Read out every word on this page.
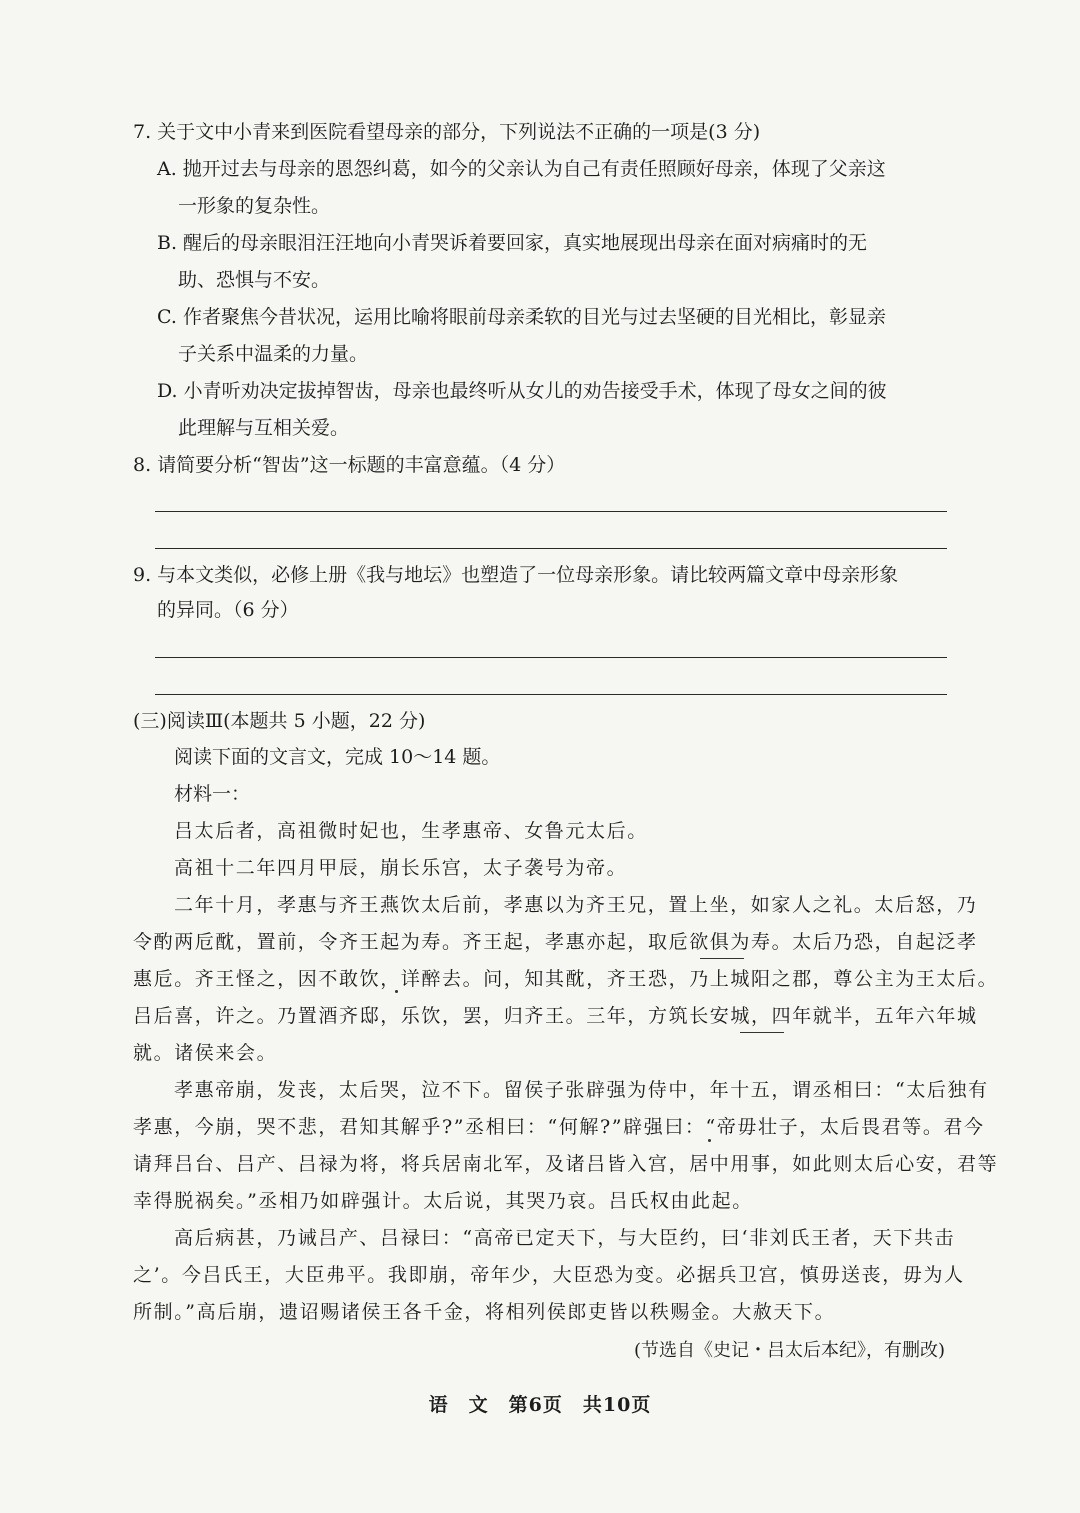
7. 关于文中小青来到医院看望母亲的部分，下列说法不正确的一项是(3 分)
A. 抛开过去与母亲的恩怨纠葛，如今的父亲认为自己有责任照顾好母亲，体现了父亲这
一形象的复杂性。
B. 醒后的母亲眼泪汪汪地向小青哭诉着要回家，真实地展现出母亲在面对病痛时的无
助、恐惧与不安。
C. 作者聚焦今昔状况，运用比喻将眼前母亲柔软的目光与过去坚硬的目光相比，彰显亲
子关系中温柔的力量。
D. 小青听劝决定拔掉智齿，母亲也最终听从女儿的劝告接受手术，体现了母女之间的彼
此理解与互相关爱。
8. 请简要分析“智齿”这一标题的丰富意蕴。（4 分）
9. 与本文类似，必修上册《我与地坛》也塑造了一位母亲形象。请比较两篇文章中母亲形象
的异同。（6 分）
(三)阅读Ⅲ(本题共 5 小题，22 分)
阅读下面的文言文，完成 10～14 题。
材料一：
吕太后者，高祖微时妃也，生孝惠帝、女鲁元太后。
高祖十二年四月甲辰，崩长乐宫，太子袭号为帝。
二年十月，孝惠与齐王燕饮太后前，孝惠以为齐王兄，置上坐，如家人之礼。太后怒，乃
令酌两卮酖，置前，令齐王起为寿。齐王起，孝惠亦起，取卮欲俱为寿。太后乃恐，自起泛孝
惠卮。齐王怪之，因不敢饮，详醉去。问，知其酖，齐王恐，乃上城阳之郡，尊公主为王太后。
吕后喜，许之。乃置酒齐邸，乐饮，罢，归齐王。三年，方筑长安城，四年就半，五年六年城
就。诸侯来会。
孝惠帝崩，发丧，太后哭，泣不下。留侯子张辟强为侍中，年十五，谓丞相曰：“太后独有
孝惠，今崩，哭不悲，君知其解乎?”丞相曰：“何解?”辟强曰：“帝毋壮子，太后畏君等。君今
请拜吕台、吕产、吕禄为将，将兵居南北军，及诸吕皆入宫，居中用事，如此则太后心安，君等
幸得脱祸矣。”丞相乃如辟强计。太后说，其哭乃哀。吕氏权由此起。
高后病甚，乃诫吕产、吕禄曰：“高帝已定天下，与大臣约，曰‘非刘氏王者，天下共击
之’。今吕氏王，大臣弗平。我即崩，帝年少，大臣恐为变。必据兵卫宫，慎毋送丧，毋为人
所制。”高后崩，遗诏赐诸侯王各千金，将相列侯郎吏皆以秩赐金。大赦天下。
(节选自《史记・吕太后本纪》，有删改)
语　文　第6页　共10页
